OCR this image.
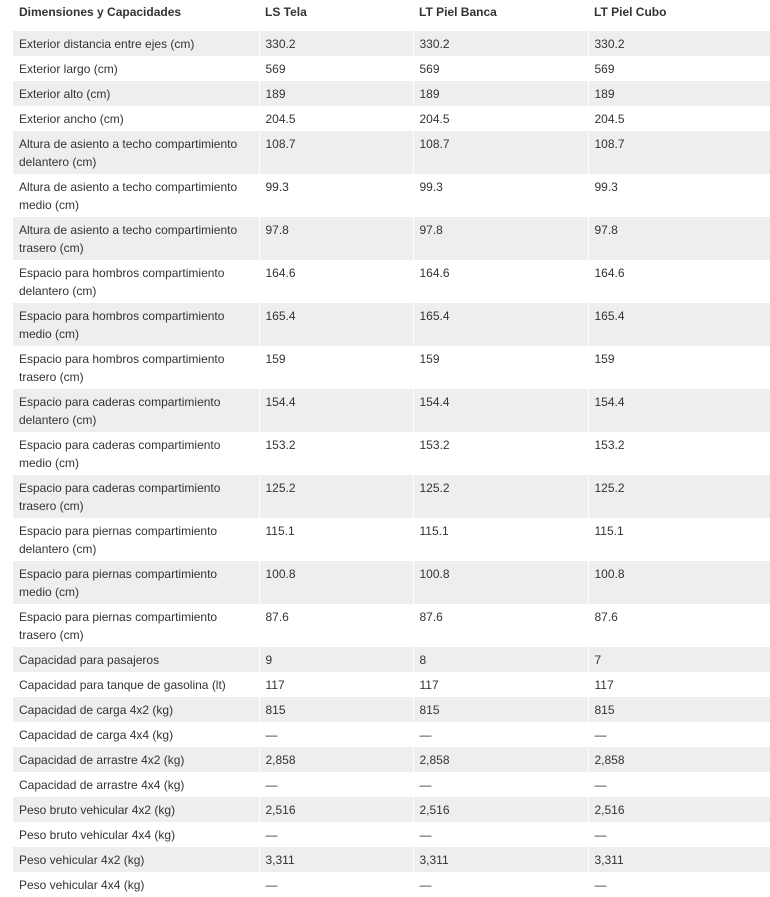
Dimensiones y Capacidades	LS Tela	LT Piel Banca	LT Piel Cubo

Exterior distancia entre ejes (cm)	330.2	330.2	330.2

Exterior largo (cm)	569	569	569

Exterior alto (cm)	189	189	189

Exterior ancho (cm)	204.5	204.5	204.5

Altura de asiento a techo compartimiento
delantero (cm)	108.7	108.7	108.7

Altura de asiento a techo compartimiento
medio (cm)	99.3	99.3	99.3

Altura de asiento a techo compartimiento
trasero (cm)	97.8	97.8	97.8

Espacio para hombros compartimiento
delantero (cm)	164.6	164.6	164.6

Espacio para hombros compartimiento
medio (cm)	165.4	165.4	165.4

Espacio para hombros compartimiento
trasero (cm)	159	159	159

Espacio para caderas compartimiento
delantero (cm)	154.4	154.4	154.4

Espacio para caderas compartimiento
medio (cm)	153.2	153.2	153.2

Espacio para caderas compartimiento
trasero (cm)	125.2	125.2	125.2

Espacio para piernas compartimiento
delantero (cm)	115.1	115.1	115.1

Espacio para piernas compartimiento
medio (cm)	100.8	100.8	100.8

Espacio para piernas compartimiento
trasero (cm)	87.6	87.6	87.6

Capacidad para pasajeros	9	8	7

Capacidad para tanque de gasolina (lt)	117	117	117

Capacidad de carga 4x2 (kg)	815	815	815

Capacidad de carga 4x4 (kg)	—	—	—

Capacidad de arrastre 4x2 (kg)	2,858	2,858	2,858

Capacidad de arrastre 4x4 (kg)	—	—	—

Peso bruto vehicular 4x2 (kg)	2,516	2,516	2,516

Peso bruto vehicular 4x4 (kg)	—	—	—

Peso vehicular 4x2 (kg)	3,311	3,311	3,311

Peso vehicular 4x4 (kg)	—	—	—
